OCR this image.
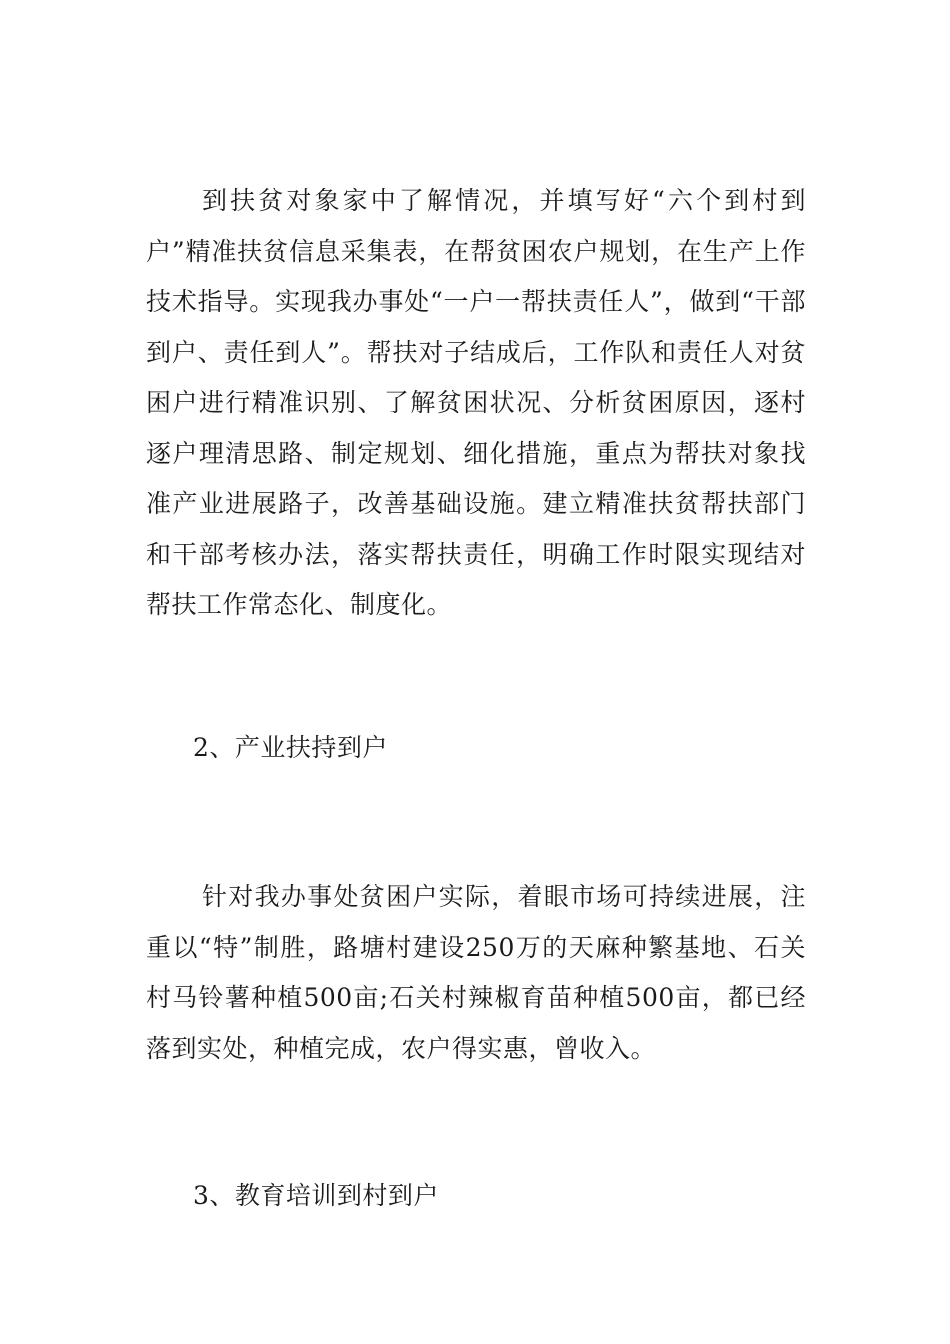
到扶贫对象家中了解情况，并填写好“六个到村到户”精准扶贫信息采集表，在帮贫困农户规划，在生产上作技术指导。实现我办事处“一户一帮扶责任人”，做到“干部到户、责任到人”。帮扶对子结成后，工作队和责任人对贫困户进行精准识别、了解贫困状况、分析贫困原因，逐村逐户理清思路、制定规划、细化措施，重点为帮扶对象找准产业进展路子，改善基础设施。建立精准扶贫帮扶部门和干部考核办法，落实帮扶责任，明确工作时限实现结对帮扶工作常态化、制度化。

2、产业扶持到户

针对我办事处贫困户实际，着眼市场可持续进展，注重以“特”制胜，路塘村建设250万的天麻种繁基地、石关村马铃薯种植500亩;石关村辣椒育苗种植500亩，都已经落到实处，种植完成，农户得实惠，曾收入。

3、教育培训到村到户
